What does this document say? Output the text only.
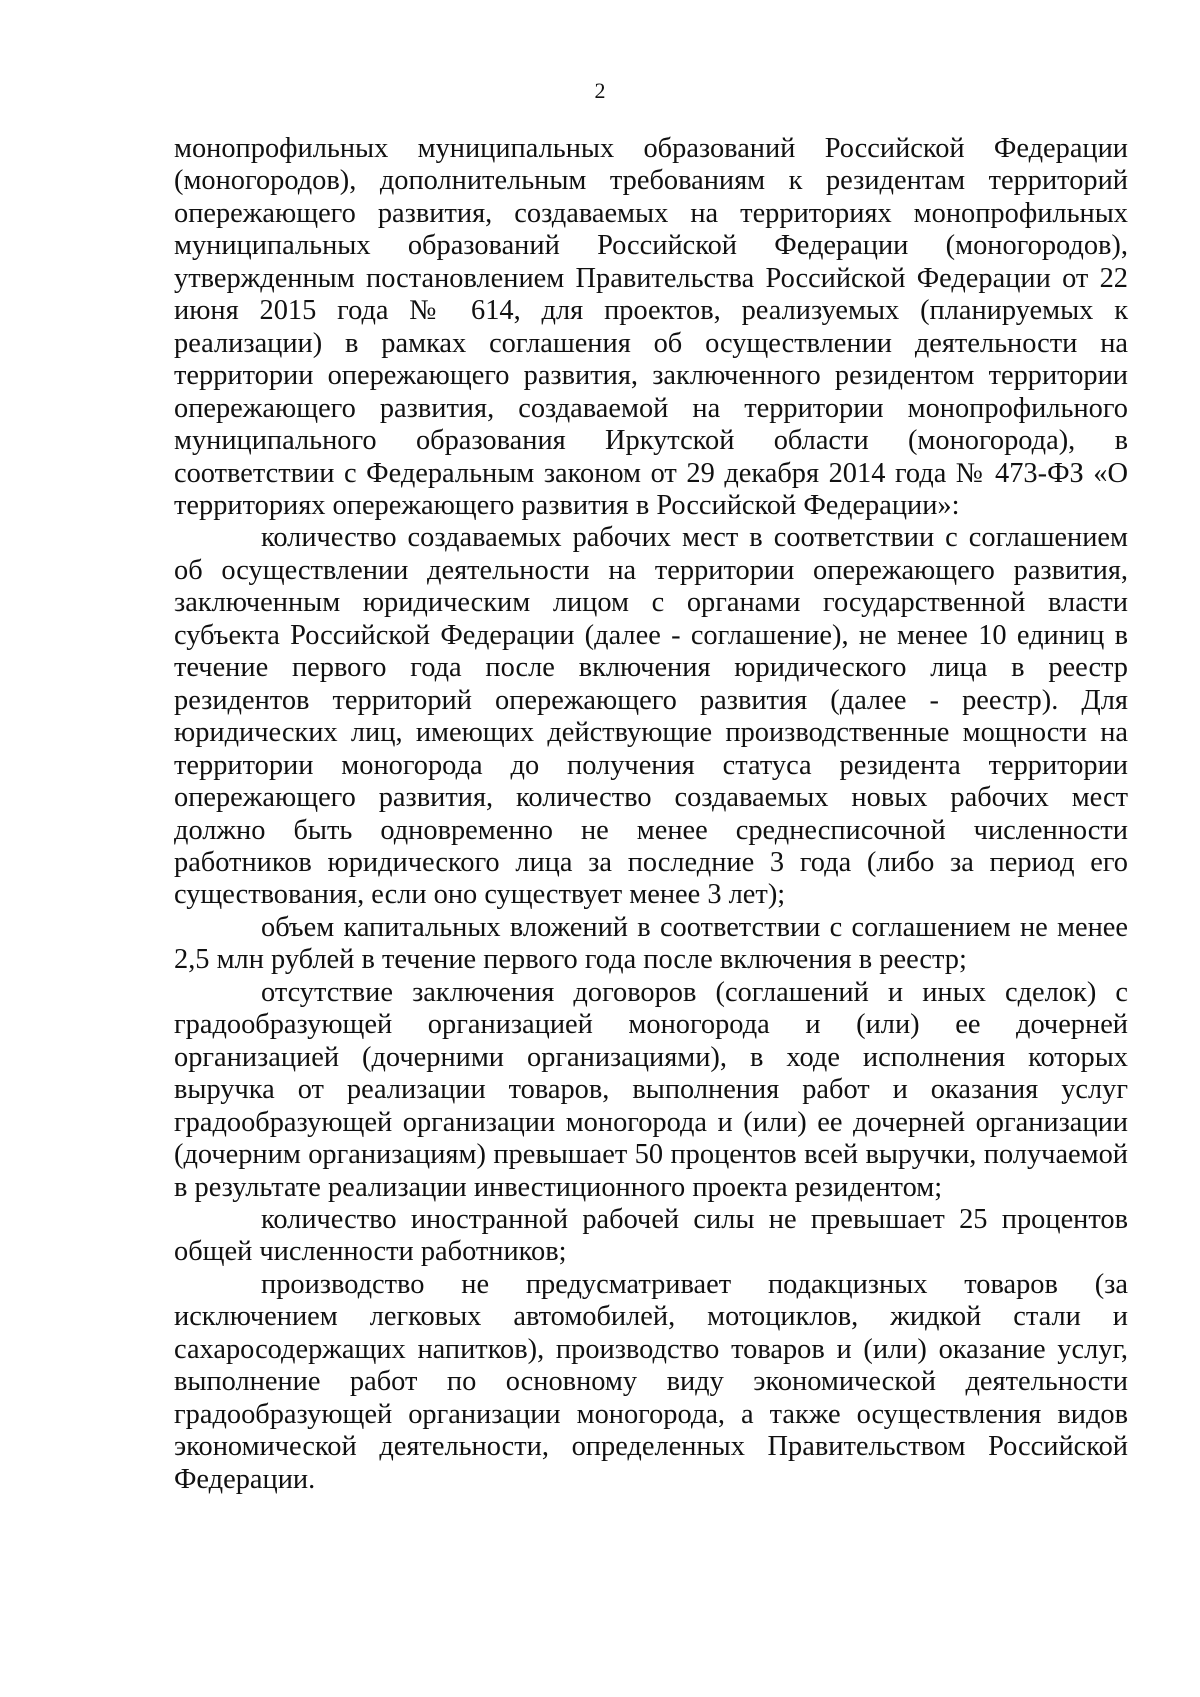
2

монопрофильных муниципальных образований Российской Федерации (моногородов), дополнительным требованиям к резидентам территорий опережающего развития, создаваемых на территориях монопрофильных муниципальных образований Российской Федерации (моногородов), утвержденным постановлением Правительства Российской Федерации от 22 июня 2015 года № 614, для проектов, реализуемых (планируемых к реализации) в рамках соглашения об осуществлении деятельности на территории опережающего развития, заключенного резидентом территории опережающего развития, создаваемой на территории монопрофильного муниципального образования Иркутской области (моногорода), в соответствии с Федеральным законом от 29 декабря 2014 года № 473-ФЗ «О территориях опережающего развития в Российской Федерации»:

количество создаваемых рабочих мест в соответствии с соглашением об осуществлении деятельности на территории опережающего развития, заключенным юридическим лицом с органами государственной власти субъекта Российской Федерации (далее - соглашение), не менее 10 единиц в течение первого года после включения юридического лица в реестр резидентов территорий опережающего развития (далее - реестр). Для юридических лиц, имеющих действующие производственные мощности на территории моногорода до получения статуса резидента территории опережающего развития, количество создаваемых новых рабочих мест должно быть одновременно не менее среднесписочной численности работников юридического лица за последние 3 года (либо за период его существования, если оно существует менее 3 лет);

объем капитальных вложений в соответствии с соглашением не менее 2,5 млн рублей в течение первого года после включения в реестр;

отсутствие заключения договоров (соглашений и иных сделок) с градообразующей организацией моногорода и (или) ее дочерней организацией (дочерними организациями), в ходе исполнения которых выручка от реализации товаров, выполнения работ и оказания услуг градообразующей организации моногорода и (или) ее дочерней организации (дочерним организациям) превышает 50 процентов всей выручки, получаемой в результате реализации инвестиционного проекта резидентом;

количество иностранной рабочей силы не превышает 25 процентов общей численности работников;

производство не предусматривает подакцизных товаров (за исключением легковых автомобилей, мотоциклов, жидкой стали и сахаросодержащих напитков), производство товаров и (или) оказание услуг, выполнение работ по основному виду экономической деятельности градообразующей организации моногорода, а также осуществления видов экономической деятельности, определенных Правительством Российской Федерации.
